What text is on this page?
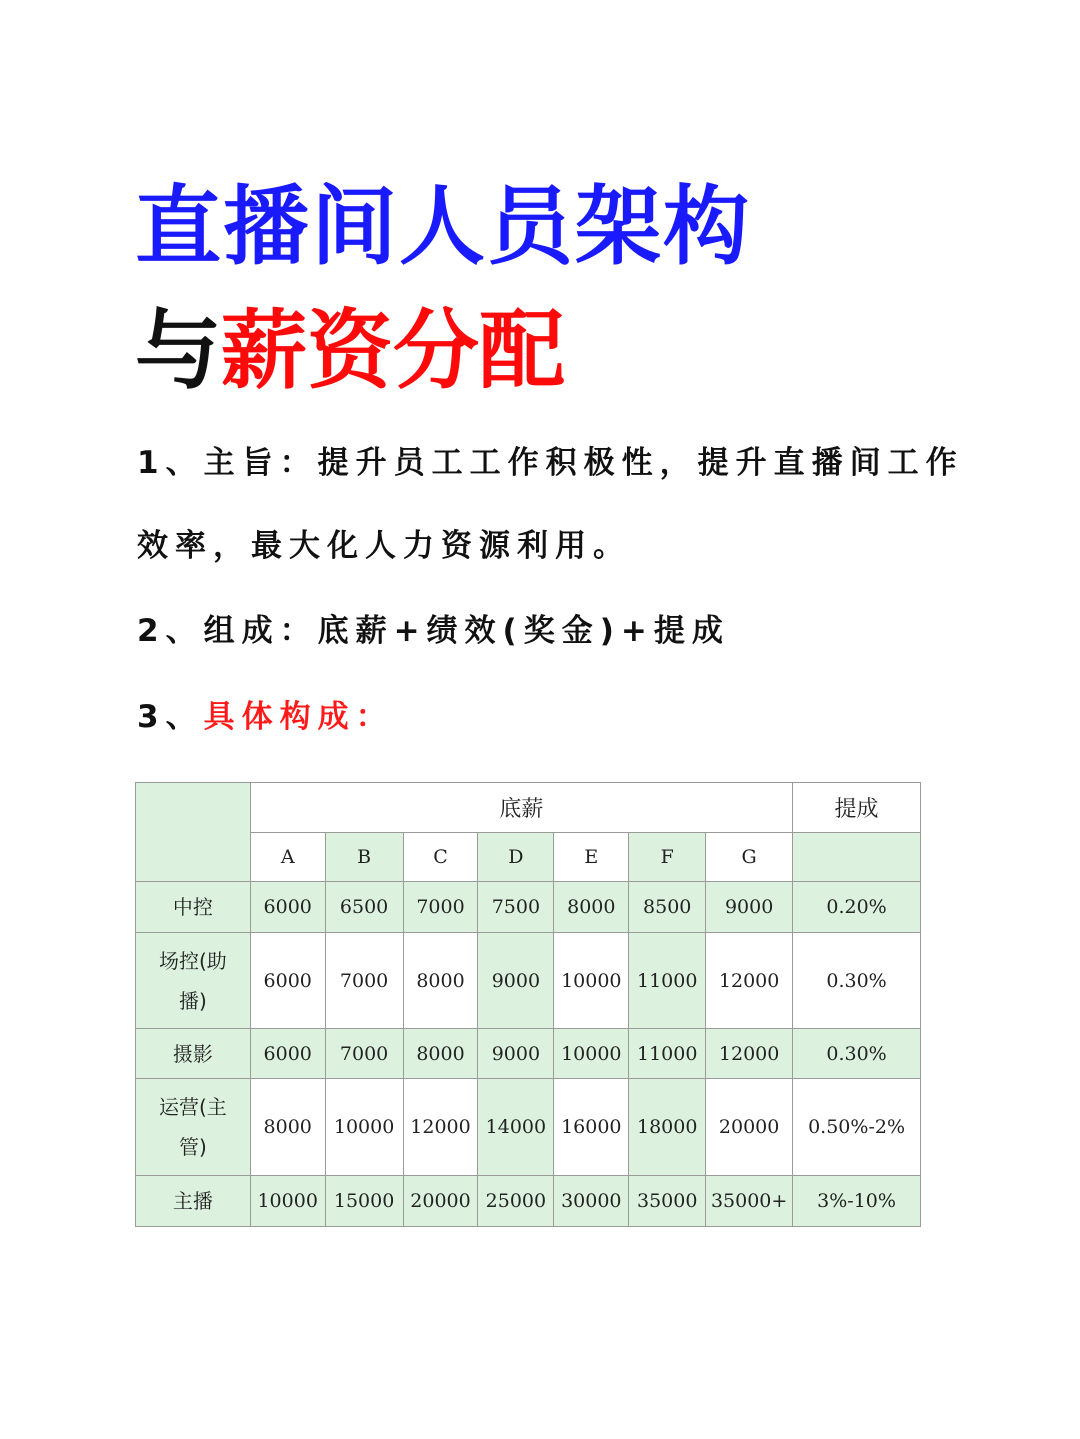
直播间人员架构
与薪资分配
1、主旨：提升员工工作积极性，提升直播间工作
效率，最大化人力资源利用。
2、组成：底薪+绩效(奖金)+提成
3、具体构成：
	底薪							提成
	A	B	C	D	E	F	G	
中控	6000	6500	7000	7500	8000	8500	9000	0.20%

场控(助播)	6000	7000	8000	9000	10000	11000	12000	0.30%
摄影	6000	7000	8000	9000	10000	11000	12000	0.30%

运营(主管)	8000	10000	12000	14000	16000	18000	20000	0.50%-2%
主播	10000	15000	20000	25000	30000	35000	35000+	3%-10%
